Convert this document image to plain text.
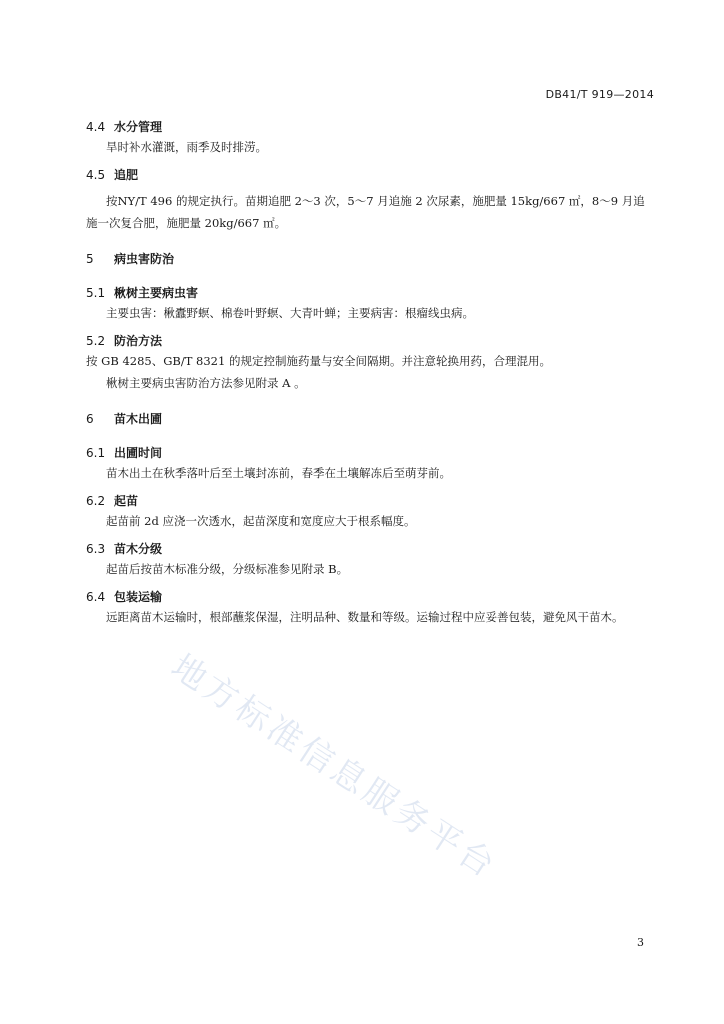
DB41/T 919—2014

4.4 水分管理

旱时补水灌溉，雨季及时排涝。

4.5 追肥

按NY/T 496 的规定执行。苗期追肥 2～3 次，5～7 月追施 2 次尿素，施肥量 15kg/667 ㎡，8～9 月追施一次复合肥，施肥量 20kg/667 ㎡。

5 病虫害防治

5.1 楸树主要病虫害

主要虫害：楸蠹野螟、棉卷叶野螟、大青叶蝉；主要病害：根瘤线虫病。

5.2 防治方法

按 GB 4285、GB/T 8321 的规定控制施药量与安全间隔期。并注意轮换用药，合理混用。

楸树主要病虫害防治方法参见附录 A 。

6 苗木出圃

6.1 出圃时间

苗木出土在秋季落叶后至土壤封冻前，春季在土壤解冻后至萌芽前。

6.2 起苗

起苗前 2d 应浇一次透水，起苗深度和宽度应大于根系幅度。

6.3 苗木分级

起苗后按苗木标准分级，分级标准参见附录 B。

6.4 包装运输

远距离苗木运输时，根部蘸浆保湿，注明品种、数量和等级。运输过程中应妥善包装，避免风干苗木。

地方标准信息服务平台
3
